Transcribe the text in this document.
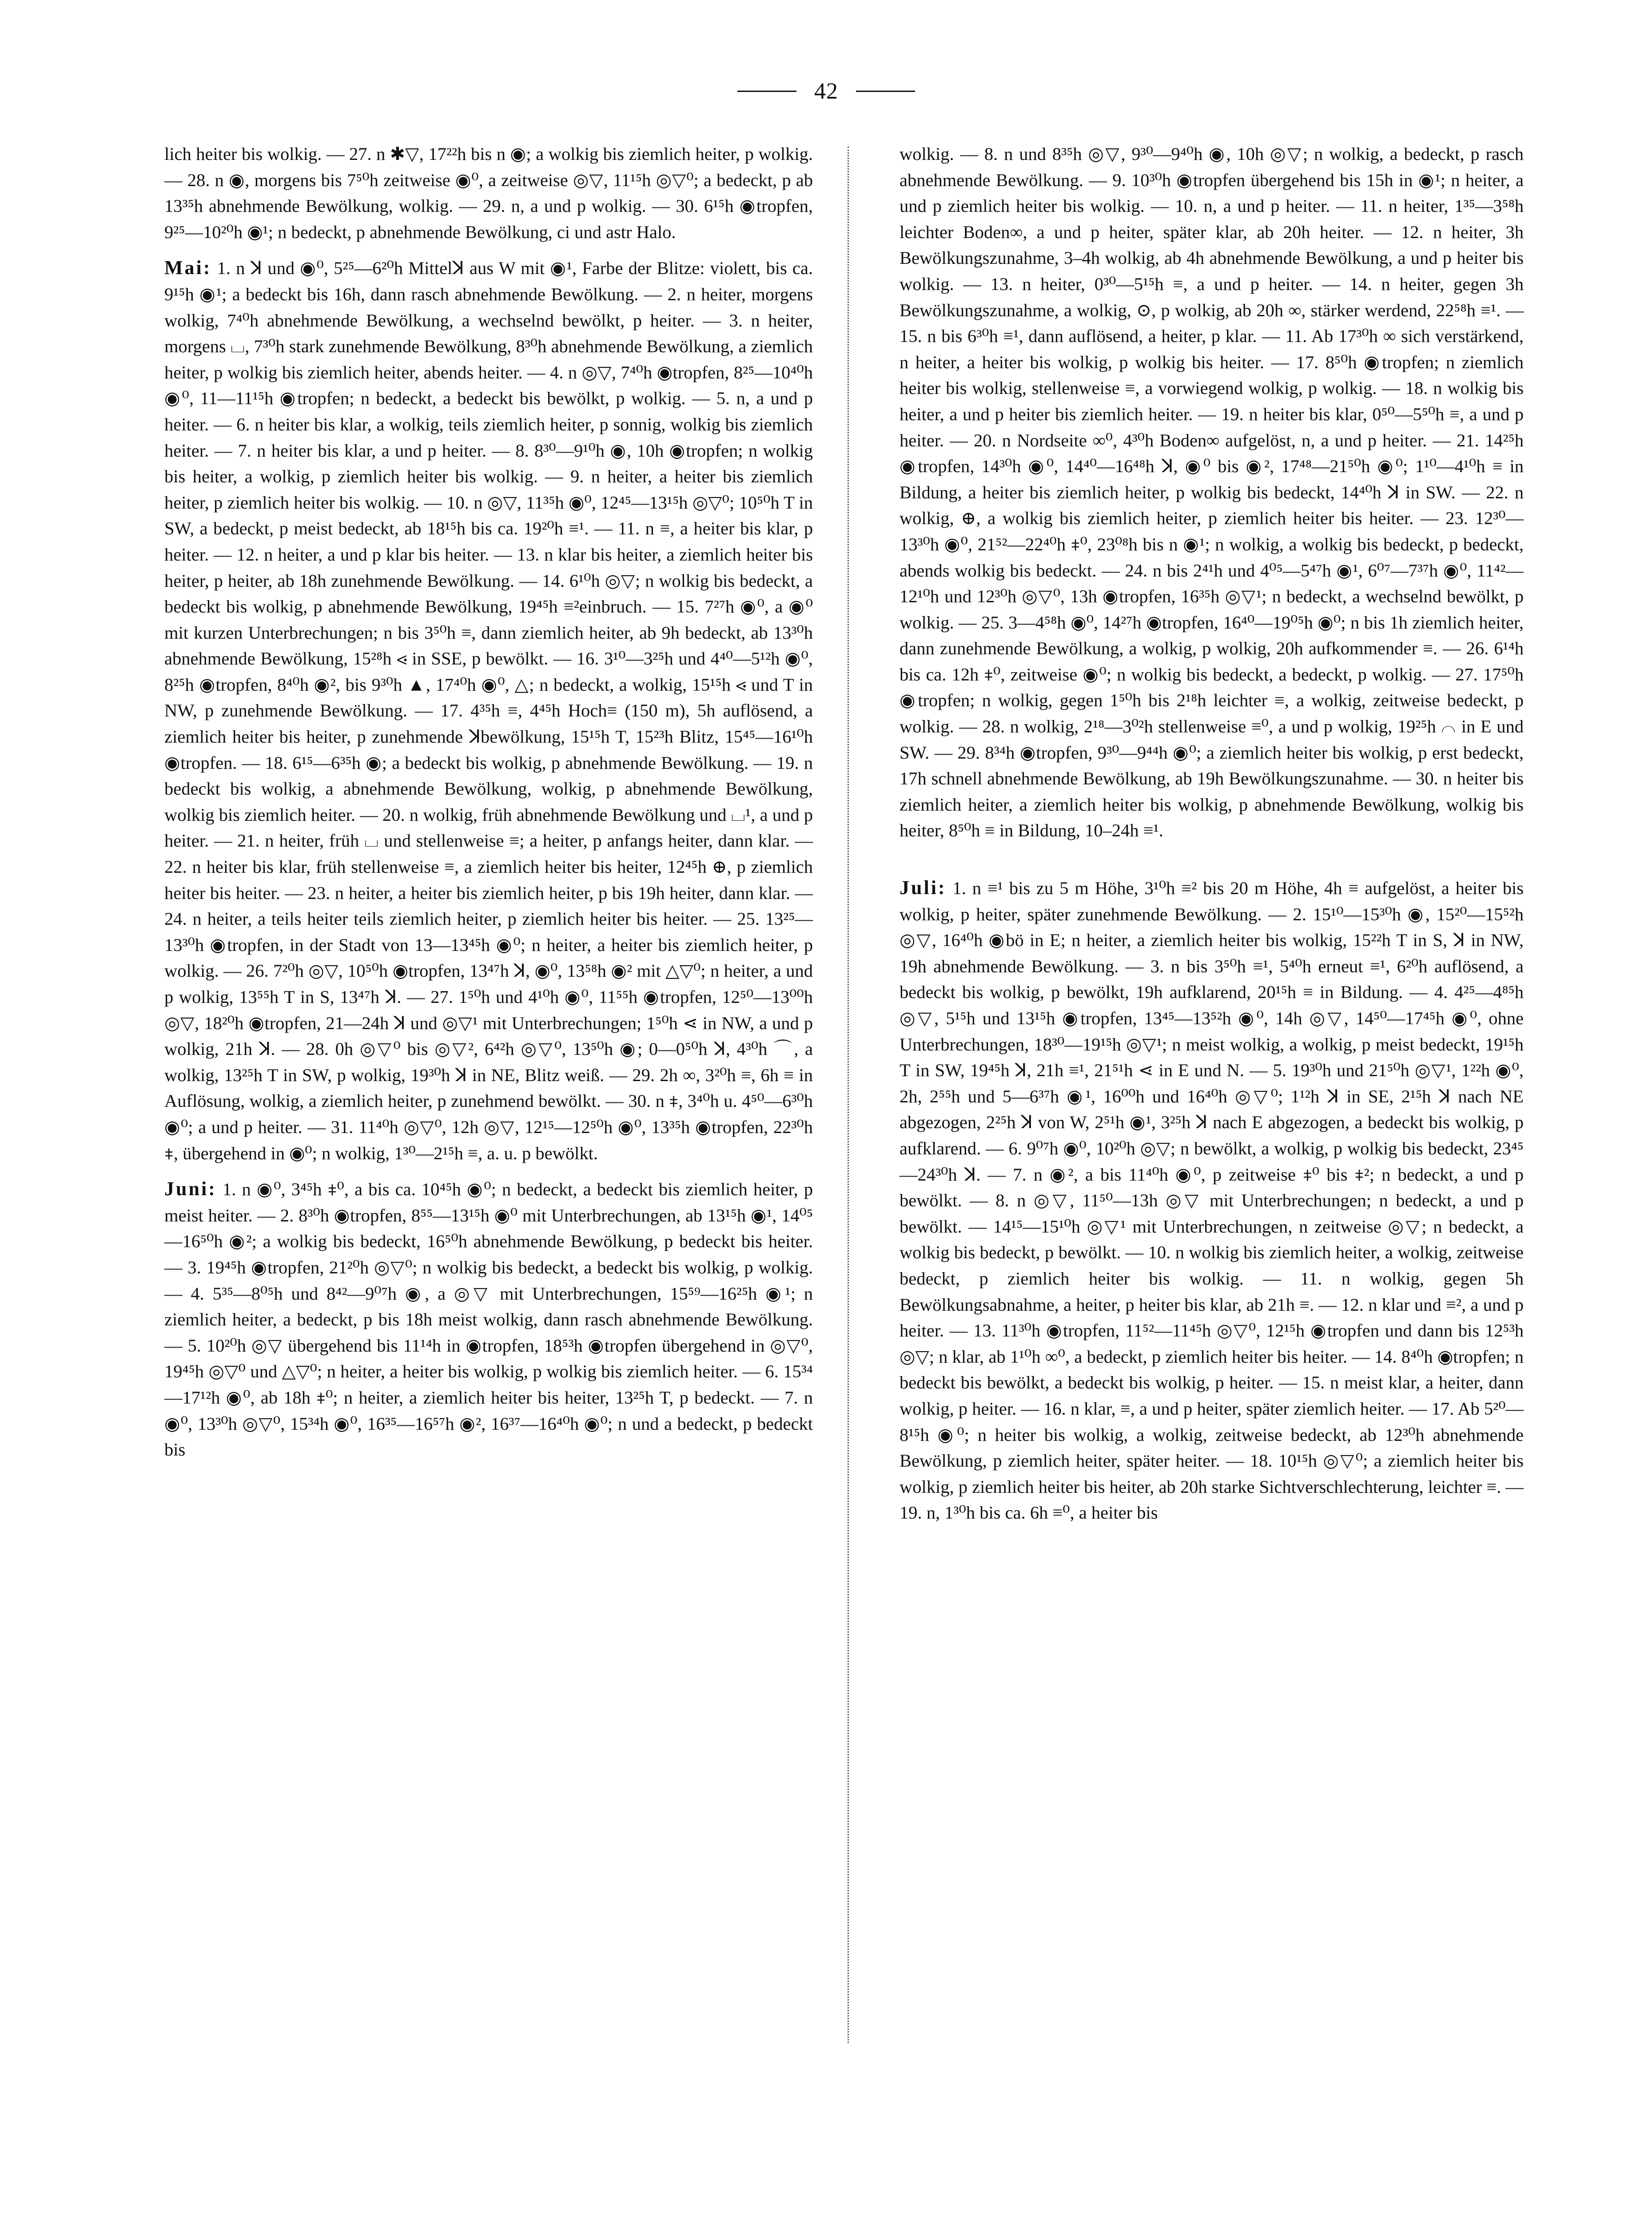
42

lich heiter bis wolkig. — 27. n ✱▽, 17²²h bis n ◉; a wolkig bis ziemlich heiter, p wolkig. — 28. n ◉, morgens bis 7⁵⁰h zeitweise ◉⁰, a zeitweise ◎▽, 11¹⁵h ◎▽⁰; a bedeckt, p ab 13³⁵h abnehmende Bewölkung, wolkig. — 29. n, a und p wolkig. — 30. 6¹⁵h ◉tropfen, 9²⁵—10²⁰h ◉¹; n bedeckt, p abnehmende Bewölkung, ci und astr Halo.

Mai: 1. n ꓘ und ◉⁰, 5²⁵—6²⁰h Mittelꓘ aus W mit ◉¹, Farbe der Blitze: violett, bis ca. 9¹⁵h ◉¹; a bedeckt bis 16h, dann rasch abnehmende Bewölkung. — 2. n heiter, morgens wolkig, 7⁴⁰h abnehmende Bewölkung, a wechselnd bewölkt, p heiter. — 3. n heiter, morgens ⌴, 7³⁰h stark zunehmende Bewölkung, 8³⁰h abnehmende Bewölkung, a ziemlich heiter, p wolkig bis ziemlich heiter, abends heiter. — 4. n ◎▽, 7⁴⁰h ◉tropfen, 8²⁵—10⁴⁰h ◉⁰, 11—11¹⁵h ◉tropfen; n bedeckt, a bedeckt bis bewölkt, p wolkig. — 5. n, a und p heiter. — 6. n heiter bis klar, a wolkig, teils ziemlich heiter, p sonnig, wolkig bis ziemlich heiter. — 7. n heiter bis klar, a und p heiter. — 8. 8³⁰—9¹⁰h ◉, 10h ◉tropfen; n wolkig bis heiter, a wolkig, p ziemlich heiter bis wolkig. — 9. n heiter, a heiter bis ziemlich heiter, p ziemlich heiter bis wolkig. — 10. n ◎▽, 11³⁵h ◉⁰, 12⁴⁵—13¹⁵h ◎▽⁰; 10⁵⁰h T in SW, a bedeckt, p meist bedeckt, ab 18¹⁵h bis ca. 19²⁰h ≡¹. — 11. n ≡, a heiter bis klar, p heiter. — 12. n heiter, a und p klar bis heiter. — 13. n klar bis heiter, a ziemlich heiter bis heiter, p heiter, ab 18h zunehmende Bewölkung. — 14. 6¹⁰h ◎▽; n wolkig bis bedeckt, a bedeckt bis wolkig, p abnehmende Bewölkung, 19⁴⁵h ≡²einbruch. — 15. 7²⁷h ◉⁰, a ◉⁰ mit kurzen Unterbrechungen; n bis 3⁵⁰h ≡, dann ziemlich heiter, ab 9h bedeckt, ab 13³⁰h abnehmende Bewölkung, 15²⁸h ⋖ in SSE, p bewölkt. — 16. 3¹⁰—3²⁵h und 4⁴⁰—5¹²h ◉⁰, 8²⁵h ◉tropfen, 8⁴⁰h ◉², bis 9³⁰h ▲, 17⁴⁰h ◉⁰, △; n bedeckt, a wolkig, 15¹⁵h ⋖ und T in NW, p zunehmende Bewölkung. — 17. 4³⁵h ≡, 4⁴⁵h Hoch≡ (150 m), 5h auflösend, a ziemlich heiter bis heiter, p zunehmende ꓘbewölkung, 15¹⁵h T, 15²³h Blitz, 15⁴⁵—16¹⁰h ◉tropfen. — 18. 6¹⁵—6³⁵h ◉; a bedeckt bis wolkig, p abnehmende Bewölkung. — 19. n bedeckt bis wolkig, a abnehmende Bewölkung, wolkig, p abnehmende Bewölkung, wolkig bis ziemlich heiter. — 20. n wolkig, früh abnehmende Bewölkung und ⌴¹, a und p heiter. — 21. n heiter, früh ⌴ und stellenweise ≡; a heiter, p anfangs heiter, dann klar. — 22. n heiter bis klar, früh stellenweise ≡, a ziemlich heiter bis heiter, 12⁴⁵h ⊕, p ziemlich heiter bis heiter. — 23. n heiter, a heiter bis ziemlich heiter, p bis 19h heiter, dann klar. — 24. n heiter, a teils heiter teils ziemlich heiter, p ziemlich heiter bis heiter. — 25. 13²⁵—13³⁰h ◉tropfen, in der Stadt von 13—13⁴⁵h ◉⁰; n heiter, a heiter bis ziemlich heiter, p wolkig. — 26. 7²⁰h ◎▽, 10⁵⁰h ◉tropfen, 13⁴⁷h ꓘ, ◉⁰, 13⁵⁸h ◉² mit △▽⁰; n heiter, a und p wolkig, 13⁵⁵h T in S, 13⁴⁷h ꓘ. — 27. 1⁵⁰h und 4¹⁰h ◉⁰, 11⁵⁵h ◉tropfen, 12⁵⁰—13⁰⁰h ◎▽, 18²⁰h ◉tropfen, 21—24h ꓘ und ◎▽¹ mit Unterbrechungen; 1⁵⁰h ⋖ in NW, a und p wolkig, 21h ꓘ. — 28. 0h ◎▽⁰ bis ◎▽², 6⁴²h ◎▽⁰, 13⁵⁰h ◉; 0—0⁵⁰h ꓘ, 4³⁰h ⌒, a wolkig, 13²⁵h T in SW, p wolkig, 19³⁰h ꓘ in NE, Blitz weiß. — 29. 2h ∞, 3²⁰h ≡, 6h ≡ in Auflösung, wolkig, a ziemlich heiter, p zunehmend bewölkt. — 30. n ⧧, 3⁴⁰h u. 4⁵⁰—6³⁰h ◉⁰; a und p heiter. — 31. 11⁴⁰h ◎▽⁰, 12h ◎▽, 12¹⁵—12⁵⁰h ◉⁰, 13³⁵h ◉tropfen, 22³⁰h ⧧, übergehend in ◉⁰; n wolkig, 1³⁰—2¹⁵h ≡, a. u. p bewölkt.

Juni: 1. n ◉⁰, 3⁴⁵h ⧧⁰, a bis ca. 10⁴⁵h ◉⁰; n bedeckt, a bedeckt bis ziemlich heiter, p meist heiter. — 2. 8³⁰h ◉tropfen, 8⁵⁵—13¹⁵h ◉⁰ mit Unterbrechungen, ab 13¹⁵h ◉¹, 14⁰⁵—16⁵⁰h ◉²; a wolkig bis bedeckt, 16⁵⁰h abnehmende Bewölkung, p bedeckt bis heiter. — 3. 19⁴⁵h ◉tropfen, 21²⁰h ◎▽⁰; n wolkig bis bedeckt, a bedeckt bis wolkig, p wolkig. — 4. 5³⁵—8⁰⁵h und 8⁴²—9⁰⁷h ◉, a ◎▽ mit Unterbrechungen, 15⁵⁹—16²⁵h ◉¹; n ziemlich heiter, a bedeckt, p bis 18h meist wolkig, dann rasch abnehmende Bewölkung. — 5. 10²⁰h ◎▽ übergehend bis 11¹⁴h in ◉tropfen, 18⁵³h ◉tropfen übergehend in ◎▽⁰, 19⁴⁵h ◎▽⁰ und △▽⁰; n heiter, a heiter bis wolkig, p wolkig bis ziemlich heiter. — 6. 15³⁴—17¹²h ◉⁰, ab 18h ⧧⁰; n heiter, a ziemlich heiter bis heiter, 13²⁵h T, p bedeckt. — 7. n ◉⁰, 13³⁰h ◎▽⁰, 15³⁴h ◉⁰, 16³⁵—16⁵⁷h ◉², 16³⁷—16⁴⁰h ◉⁰; n und a bedeckt, p bedeckt bis

wolkig. — 8. n und 8³⁵h ◎▽, 9³⁰—9⁴⁰h ◉, 10h ◎▽; n wolkig, a bedeckt, p rasch abnehmende Bewölkung. — 9. 10³⁰h ◉tropfen übergehend bis 15h in ◉¹; n heiter, a und p ziemlich heiter bis wolkig. — 10. n, a und p heiter. — 11. n heiter, 1³⁵—3⁵⁸h leichter Boden∞, a und p heiter, später klar, ab 20h heiter. — 12. n heiter, 3h Bewölkungszunahme, 3–4h wolkig, ab 4h abnehmende Bewölkung, a und p heiter bis wolkig. — 13. n heiter, 0³⁰—5¹⁵h ≡, a und p heiter. — 14. n heiter, gegen 3h Bewölkungszunahme, a wolkig, ⊙, p wolkig, ab 20h ∞, stärker werdend, 22⁵⁸h ≡¹. — 15. n bis 6³⁰h ≡¹, dann auflösend, a heiter, p klar. — 11. Ab 17³⁰h ∞ sich verstärkend, n heiter, a heiter bis wolkig, p wolkig bis heiter. — 17. 8⁵⁰h ◉tropfen; n ziemlich heiter bis wolkig, stellenweise ≡, a vorwiegend wolkig, p wolkig. — 18. n wolkig bis heiter, a und p heiter bis ziemlich heiter. — 19. n heiter bis klar, 0⁵⁰—5⁵⁰h ≡, a und p heiter. — 20. n Nordseite ∞⁰, 4³⁰h Boden∞ aufgelöst, n, a und p heiter. — 21. 14²⁵h ◉tropfen, 14³⁰h ◉⁰, 14⁴⁰—16⁴⁸h ꓘ, ◉⁰ bis ◉², 17⁴⁸—21⁵⁰h ◉⁰; 1¹⁰—4¹⁰h ≡ in Bildung, a heiter bis ziemlich heiter, p wolkig bis bedeckt, 14⁴⁰h ꓘ in SW. — 22. n wolkig, ⊕, a wolkig bis ziemlich heiter, p ziemlich heiter bis heiter. — 23. 12³⁰—13³⁰h ◉⁰, 21⁵²—22⁴⁰h ⧧⁰, 23⁰⁸h bis n ◉¹; n wolkig, a wolkig bis bedeckt, p bedeckt, abends wolkig bis bedeckt. — 24. n bis 2⁴¹h und 4⁰⁵—5⁴⁷h ◉¹, 6⁰⁷—7³⁷h ◉⁰, 11⁴²—12¹⁰h und 12³⁰h ◎▽⁰, 13h ◉tropfen, 16³⁵h ◎▽¹; n bedeckt, a wechselnd bewölkt, p wolkig. — 25. 3—4⁵⁸h ◉⁰, 14²⁷h ◉tropfen, 16⁴⁰—19⁰⁵h ◉⁰; n bis 1h ziemlich heiter, dann zunehmende Bewölkung, a wolkig, p wolkig, 20h aufkommender ≡. — 26. 6¹⁴h bis ca. 12h ⧧⁰, zeitweise ◉⁰; n wolkig bis bedeckt, a bedeckt, p wolkig. — 27. 17⁵⁰h ◉tropfen; n wolkig, gegen 1⁵⁰h bis 2¹⁸h leichter ≡, a wolkig, zeitweise bedeckt, p wolkig. — 28. n wolkig, 2¹⁸—3⁰²h stellenweise ≡⁰, a und p wolkig, 19²⁵h ⌒ in E und SW. — 29. 8³⁴h ◉tropfen, 9³⁰—9⁴⁴h ◉⁰; a ziemlich heiter bis wolkig, p erst bedeckt, 17h schnell abnehmende Bewölkung, ab 19h Bewölkungszunahme. — 30. n heiter bis ziemlich heiter, a ziemlich heiter bis wolkig, p abnehmende Bewölkung, wolkig bis heiter, 8⁵⁰h ≡ in Bildung, 10–24h ≡¹.

Juli: 1. n ≡¹ bis zu 5 m Höhe, 3¹⁰h ≡² bis 20 m Höhe, 4h ≡ aufgelöst, a heiter bis wolkig, p heiter, später zunehmende Bewölkung. — 2. 15¹⁰—15³⁰h ◉, 15²⁰—15⁵²h ◎▽, 16⁴⁰h ◉bö in E; n heiter, a ziemlich heiter bis wolkig, 15²²h T in S, ꓘ in NW, 19h abnehmende Bewölkung. — 3. n bis 3⁵⁰h ≡¹, 5⁴⁰h erneut ≡¹, 6²⁰h auflösend, a bedeckt bis wolkig, p bewölkt, 19h aufklarend, 20¹⁵h ≡ in Bildung. — 4. 4²⁵—4⁸⁵h ◎▽, 5¹⁵h und 13¹⁵h ◉tropfen, 13⁴⁵—13⁵²h ◉⁰, 14h ◎▽, 14⁵⁰—17⁴⁵h ◉⁰, ohne Unterbrechungen, 18³⁰—19¹⁵h ◎▽¹; n meist wolkig, a wolkig, p meist bedeckt, 19¹⁵h T in SW, 19⁴⁵h ꓘ, 21h ≡¹, 21⁵¹h ⋖ in E und N. — 5. 19³⁰h und 21⁵⁰h ◎▽¹, 1²²h ◉⁰, 2h, 2⁵⁵h und 5—6³⁷h ◉¹, 16⁰⁰h und 16⁴⁰h ◎▽⁰; 1¹²h ꓘ in SE, 2¹⁵h ꓘ nach NE abgezogen, 2²⁵h ꓘ von W, 2⁵¹h ◉¹, 3²⁵h ꓘ nach E abgezogen, a bedeckt bis wolkig, p aufklarend. — 6. 9⁰⁷h ◉⁰, 10²⁰h ◎▽; n bewölkt, a wolkig, p wolkig bis bedeckt, 23⁴⁵—24³⁰h ꓘ. — 7. n ◉², a bis 11⁴⁰h ◉⁰, p zeitweise ⧧⁰ bis ⧧²; n bedeckt, a und p bewölkt. — 8. n ◎▽, 11⁵⁰—13h ◎▽ mit Unterbrechungen; n bedeckt, a und p bewölkt. — 14¹⁵—15¹⁰h ◎▽¹ mit Unterbrechungen, n zeitweise ◎▽; n bedeckt, a wolkig bis bedeckt, p bewölkt. — 10. n wolkig bis ziemlich heiter, a wolkig, zeitweise bedeckt, p ziemlich heiter bis wolkig. — 11. n wolkig, gegen 5h Bewölkungsabnahme, a heiter, p heiter bis klar, ab 21h ≡. — 12. n klar und ≡², a und p heiter. — 13. 11³⁰h ◉tropfen, 11⁵²—11⁴⁵h ◎▽⁰, 12¹⁵h ◉tropfen und dann bis 12⁵³h ◎▽; n klar, ab 1¹⁰h ∞⁰, a bedeckt, p ziemlich heiter bis heiter. — 14. 8⁴⁰h ◉tropfen; n bedeckt bis bewölkt, a bedeckt bis wolkig, p heiter. — 15. n meist klar, a heiter, dann wolkig, p heiter. — 16. n klar, ≡, a und p heiter, später ziemlich heiter. — 17. Ab 5²⁰—8¹⁵h ◉⁰; n heiter bis wolkig, a wolkig, zeitweise bedeckt, ab 12³⁰h abnehmende Bewölkung, p ziemlich heiter, später heiter. — 18. 10¹⁵h ◎▽⁰; a ziemlich heiter bis wolkig, p ziemlich heiter bis heiter, ab 20h starke Sichtverschlechterung, leichter ≡. — 19. n, 1³⁰h bis ca. 6h ≡⁰, a heiter bis
